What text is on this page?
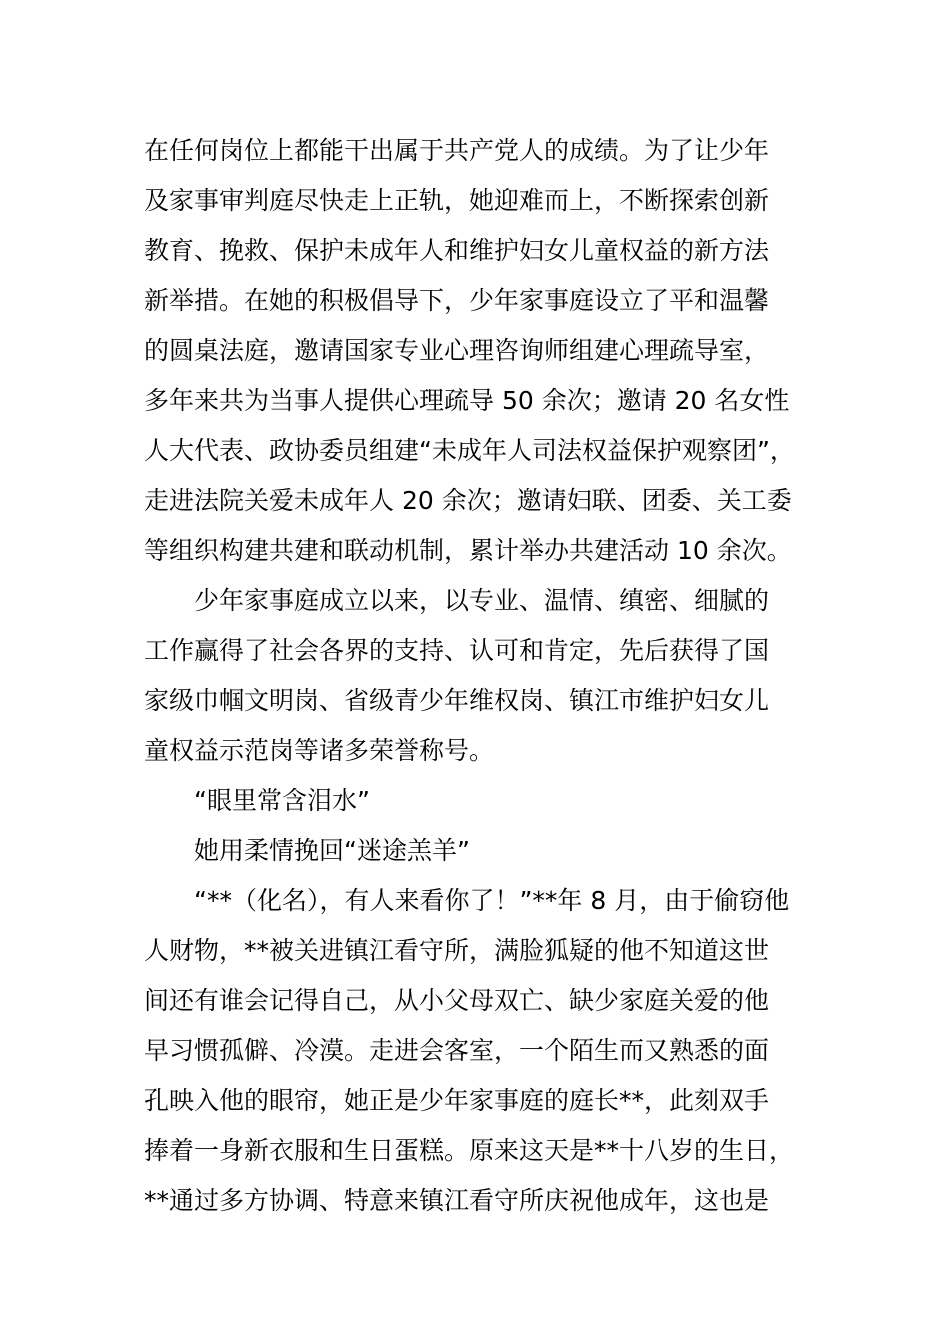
在任何岗位上都能干出属于共产党人的成绩。为了让少年
及家事审判庭尽快走上正轨，她迎难而上，不断探索创新
教育、挽救、保护未成年人和维护妇女儿童权益的新方法
新举措。在她的积极倡导下，少年家事庭设立了平和温馨
的圆桌法庭，邀请国家专业心理咨询师组建心理疏导室，
多年来共为当事人提供心理疏导 50 余次；邀请 20 名女性
人大代表、政协委员组建“未成年人司法权益保护观察团”，
走进法院关爱未成年人 20 余次；邀请妇联、团委、关工委
等组织构建共建和联动机制，累计举办共建活动 10 余次。
少年家事庭成立以来，以专业、温情、缜密、细腻的
工作赢得了社会各界的支持、认可和肯定，先后获得了国
家级巾帼文明岗、省级青少年维权岗、镇江市维护妇女儿
童权益示范岗等诸多荣誉称号。
“眼里常含泪水”
她用柔情挽回“迷途羔羊”
“**（化名），有人来看你了！”**年 8 月，由于偷窃他
人财物，**被关进镇江看守所，满脸狐疑的他不知道这世
间还有谁会记得自己，从小父母双亡、缺少家庭关爱的他
早习惯孤僻、冷漠。走进会客室，一个陌生而又熟悉的面
孔映入他的眼帘，她正是少年家事庭的庭长**，此刻双手
捧着一身新衣服和生日蛋糕。原来这天是**十八岁的生日，
**通过多方协调、特意来镇江看守所庆祝他成年，这也是
